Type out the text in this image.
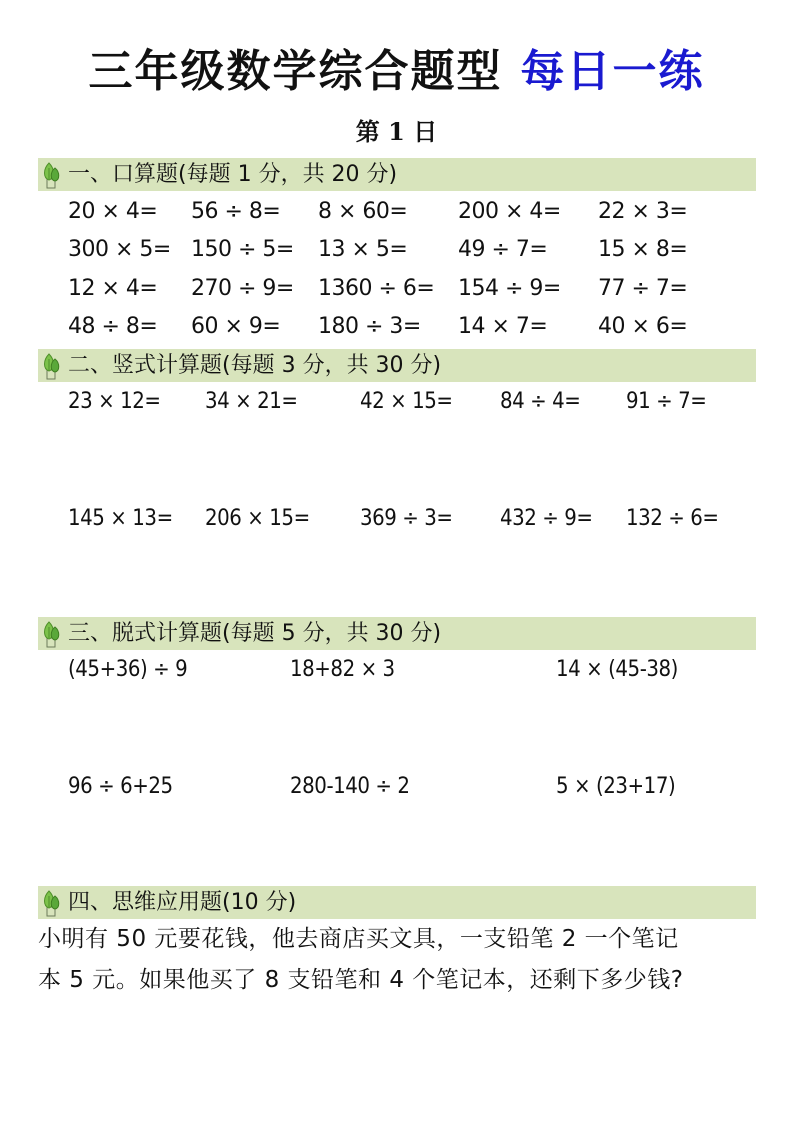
三年级数学综合题型 每日一练
第 1 日
一、口算题(每题 1 分，共 20 分)
20 × 4= 56 ÷ 8= 8 × 60= 200 × 4= 22 × 3=
300 × 5= 150 ÷ 5= 13 × 5= 49 ÷ 7= 15 × 8=
12 × 4= 270 ÷ 9= 1360 ÷ 6= 154 ÷ 9= 77 ÷ 7=
48 ÷ 8= 60 × 9= 180 ÷ 3= 14 × 7= 40 × 6=
二、竖式计算题(每题 3 分，共 30 分)
23 × 12= 34 × 21=	42 × 15= 84 ÷ 4= 91 ÷ 7=
145 × 13= 206 × 15= 369 ÷ 3= 432 ÷ 9= 132 ÷ 6=
三、脱式计算题(每题 5 分，共 30 分)
(45+36) ÷ 9	18+82 × 3	14 × (45-38)
96 ÷ 6+25	280-140 ÷ 2	5 × (23+17)
四、思维应用题(10 分)
小明有 50 元要花钱，他去商店买文具，一支铅笔 2 一个笔记
本 5 元。如果他买了 8 支铅笔和 4 个笔记本，还剩下多少钱?
